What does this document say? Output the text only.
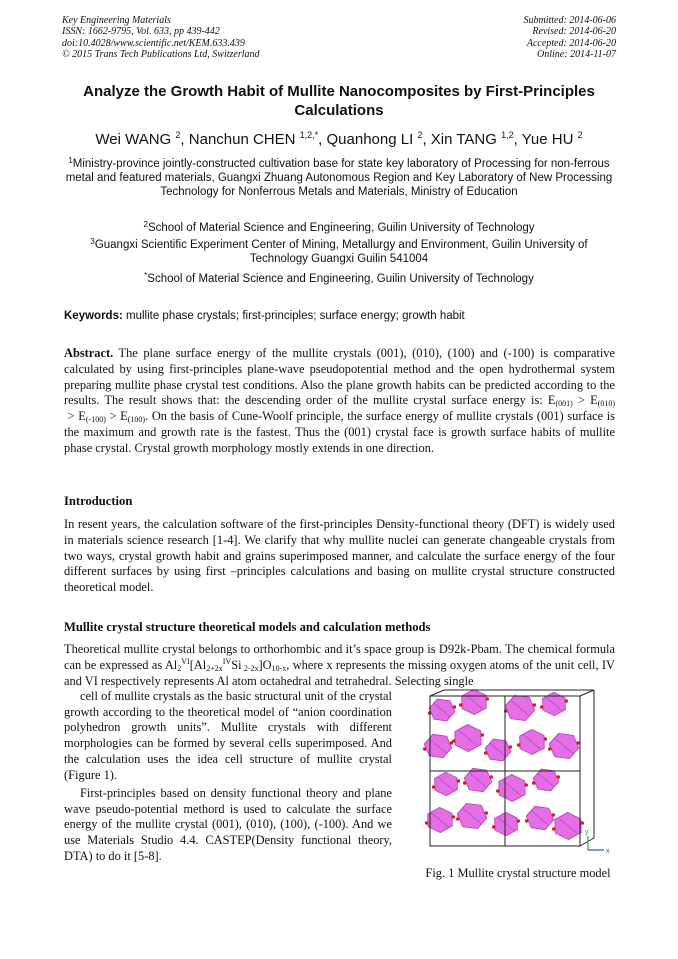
Key Engineering Materials
ISSN: 1662-9795, Vol. 633, pp 439-442
doi:10.4028/www.scientific.net/KEM.633.439
© 2015 Trans Tech Publications Ltd, Switzerland
Submitted: 2014-06-06
Revised: 2014-06-20
Accepted: 2014-06-20
Online: 2014-11-07
Analyze the Growth Habit of Mullite Nanocomposites by First-Principles Calculations
Wei WANG $^2$, Nanchun CHEN $^{1,2,*}$, Quanhong LI $^2$, Xin TANG $^{1,2}$, Yue HU $^2$
$^1$Ministry-province jointly-constructed cultivation base for state key laboratory of Processing for non-ferrous metal and featured materials, Guangxi Zhuang Autonomous Region and Key Laboratory of New Processing Technology for Nonferrous Metals and Materials, Ministry of Education
$^2$School of Material Science and Engineering, Guilin University of Technology
$^3$Guangxi Scientific Experiment Center of Mining, Metallurgy and Environment, Guilin University of Technology Guangxi Guilin 541004
*School of Material Science and Engineering, Guilin University of Technology
Keywords: mullite phase crystals; first-principles; surface energy; growth habit
Abstract. The plane surface energy of the mullite crystals (001), (010), (100) and (-100) is comparative calculated by using first-principles plane-wave pseudopotential method and the open hydrothermal system preparing mullite phase crystal test conditions. Also the plane growth habits can be predicted according to the results. The result shows that: the descending order of the mullite crystal surface energy is: $E_{(001)} > E_{(010)} > E_{(-100)} > E_{(100)}$. On the basis of Cune-Woolf principle, the surface energy of mullite crystals (001) surface is the maximum and growth rate is the fastest. Thus the (001) crystal face is growth surface habits of mullite phase crystal. Crystal growth morphology mostly extends in one direction.
Introduction
In resent years, the calculation software of the first-principles Density-functional theory (DFT) is widely used in materials science research [1-4]. We clarify that why mullite nuclei can generate changeable crystals from two ways, crystal growth habit and grains superimposed manner, and calculate the surface energy of the four different surfaces by using first –principles calculations and basing on mullite crystal structure constructed theoretical model.
Mullite crystal structure theoretical models and calculation methods
Theoretical mullite crystal belongs to orthorhombic and it’s space group is D92k-Pbam. The chemical formula can be expressed as $Al_2^{VI}[Al_{2+2x}^{IV}Si$ $_{2-2x}]O_{10-x}$, where x represents the missing oxygen atoms of the unit cell, IV and VI respectively represents Al atom octahedral and tetrahedral. Selecting single
cell of mullite crystals as the basic structural unit of the crystal growth according to the theoretical model of “anion coordination polyhedron growth units”. Mullite crystals with different morphologies can be formed by several cells superimposed. And the calculation uses the idea cell structure of mullite crystal (Figure 1).
First-principles based on density functional theory and plane wave pseudo-potential methord is used to calculate the surface energy of the mullite crystal (001), (010), (100), (-100). And we use Materials Studio 4.4. CASTEP(Density functional theory, DTA) to do it [5-8].
y
x
Fig. 1 Mullite crystal structure model
